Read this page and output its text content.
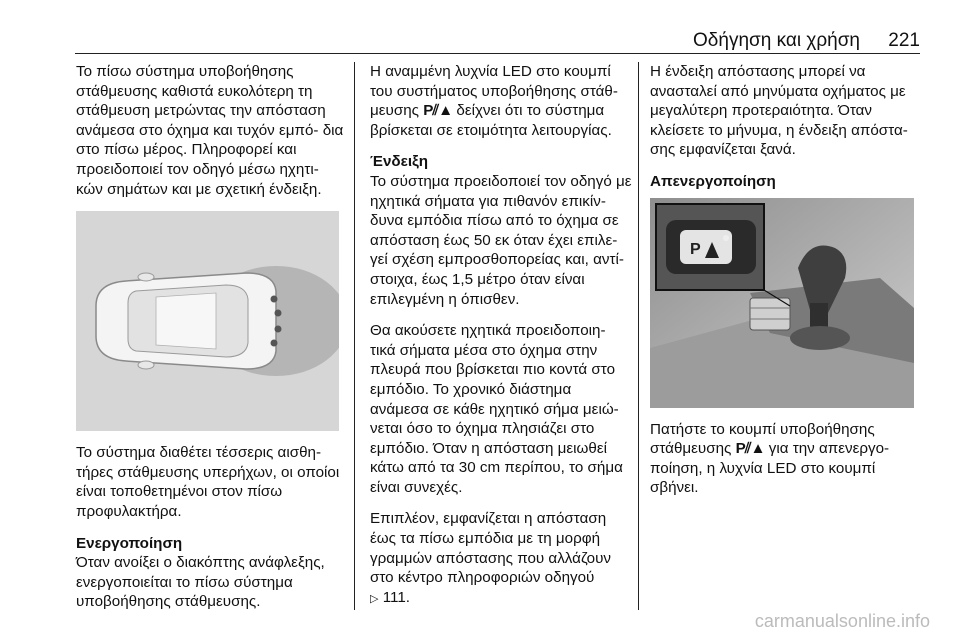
Οδήγηση και χρήση 221

Το πίσω σύστημα υποβοήθησης στάθμευσης καθιστά ευκολότερη τη στάθμευση μετρώντας την απόσταση ανάμεσα στο όχημα και τυχόν εμπό‐ δια στο πίσω μέρος. Πληροφορεί και προειδοποιεί τον οδηγό μέσω ηχητι‐ κών σημάτων και με σχετική ένδειξη.

Το σύστημα διαθέτει τέσσερις αισθη‐ τήρες στάθμευσης υπερήχων, οι οποίοι είναι τοποθετημένοι στον πίσω προφυλακτήρα.

Ενεργοποίηση

Όταν ανοίξει ο διακόπτης ανάφλεξης, ενεργοποιείται το πίσω σύστημα υποβοήθησης στάθμευσης.

Η αναμμένη λυχνία LED στο κουμπί του συστήματος υποβοήθησης στάθ‐ μευσης P⫽▲ δείχνει ότι το σύστημα βρίσκεται σε ετοιμότητα λειτουργίας.

Ένδειξη

Το σύστημα προειδοποιεί τον οδηγό με ηχητικά σήματα για πιθανόν επικίν‐ δυνα εμπόδια πίσω από το όχημα σε απόσταση έως 50 εκ όταν έχει επιλε‐ γεί σχέση εμπροσθοπορείας και, αντί‐ στοιχα, έως 1,5 μέτρο όταν είναι επιλεγμένη η όπισθεν.

Θα ακούσετε ηχητικά προειδοποιη‐ τικά σήματα μέσα στο όχημα στην πλευρά που βρίσκεται πιο κοντά στο εμπόδιο. Το χρονικό διάστημα ανάμεσα σε κάθε ηχητικό σήμα μειώ‐ νεται όσο το όχημα πλησιάζει στο εμπόδιο. Όταν η απόσταση μειωθεί κάτω από τα 30 cm περίπου, το σήμα είναι συνεχές.

Επιπλέον, εμφανίζεται η απόσταση έως τα πίσω εμπόδια με τη μορφή γραμμών απόστασης που αλλάζουν στο κέντρο πληροφοριών οδηγού
▷ 111.

Η ένδειξη απόστασης μπορεί να ανασταλεί από μηνύματα οχήματος με μεγαλύτερη προτεραιότητα. Όταν κλείσετε το μήνυμα, η ένδειξη απόστα‐ σης εμφανίζεται ξανά.

Απενεργοποίηση
P

Πατήστε το κουμπί υποβοήθησης στάθμευσης P⫽▲ για την απενεργο‐ ποίηση, η λυχνία LED στο κουμπί σβήνει.

carmanualsonline.info
